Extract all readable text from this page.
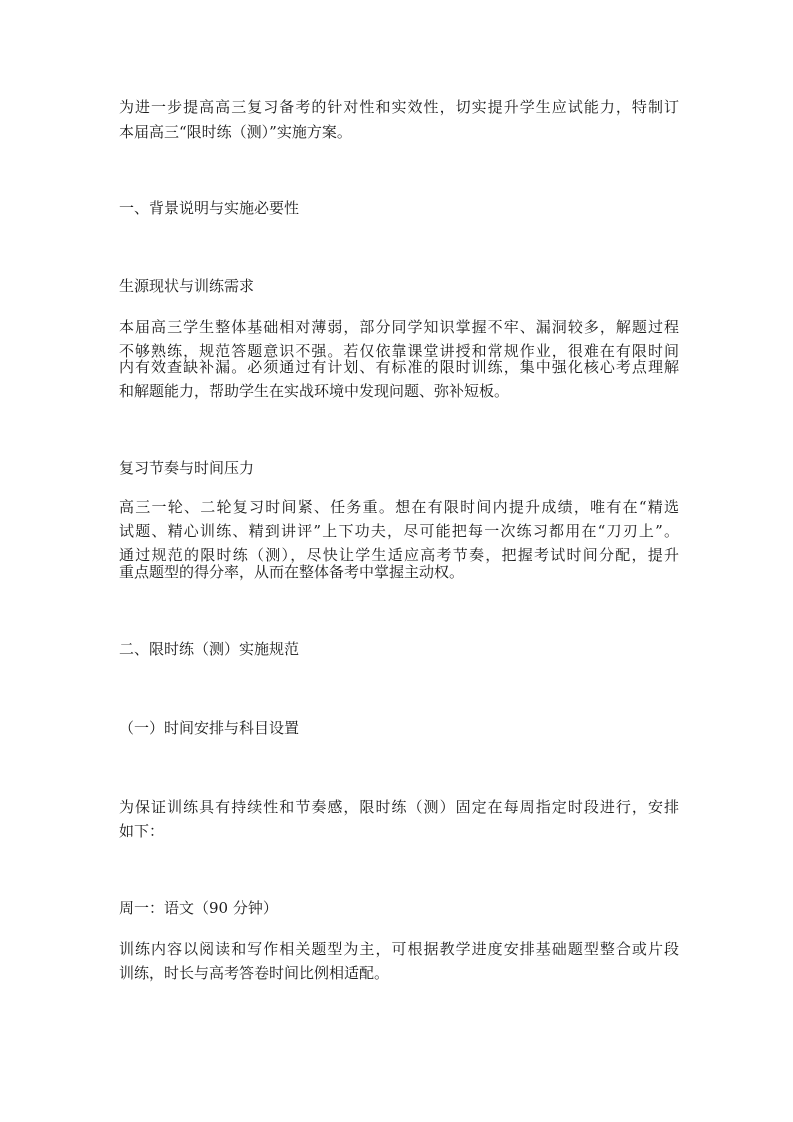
为进一步提高高三复习备考的针对性和实效性，切实提升学生应试能力，特制订
本届高三“限时练（测）”实施方案。
一、背景说明与实施必要性
生源现状与训练需求
本届高三学生整体基础相对薄弱，部分同学知识掌握不牢、漏洞较多，解题过程
不够熟练，规范答题意识不强。若仅依靠课堂讲授和常规作业，很难在有限时间
内有效查缺补漏。必须通过有计划、有标准的限时训练，集中强化核心考点理解
和解题能力，帮助学生在实战环境中发现问题、弥补短板。
复习节奏与时间压力
高三一轮、二轮复习时间紧、任务重。想在有限时间内提升成绩，唯有在“精选
试题、精心训练、精到讲评”上下功夫，尽可能把每一次练习都用在“刀刃上”。
通过规范的限时练（测），尽快让学生适应高考节奏，把握考试时间分配，提升
重点题型的得分率，从而在整体备考中掌握主动权。
二、限时练（测）实施规范
（一）时间安排与科目设置
为保证训练具有持续性和节奏感，限时练（测）固定在每周指定时段进行，安排
如下：
周一：语文（90 分钟）
训练内容以阅读和写作相关题型为主，可根据教学进度安排基础题型整合或片段
训练，时长与高考答卷时间比例相适配。
